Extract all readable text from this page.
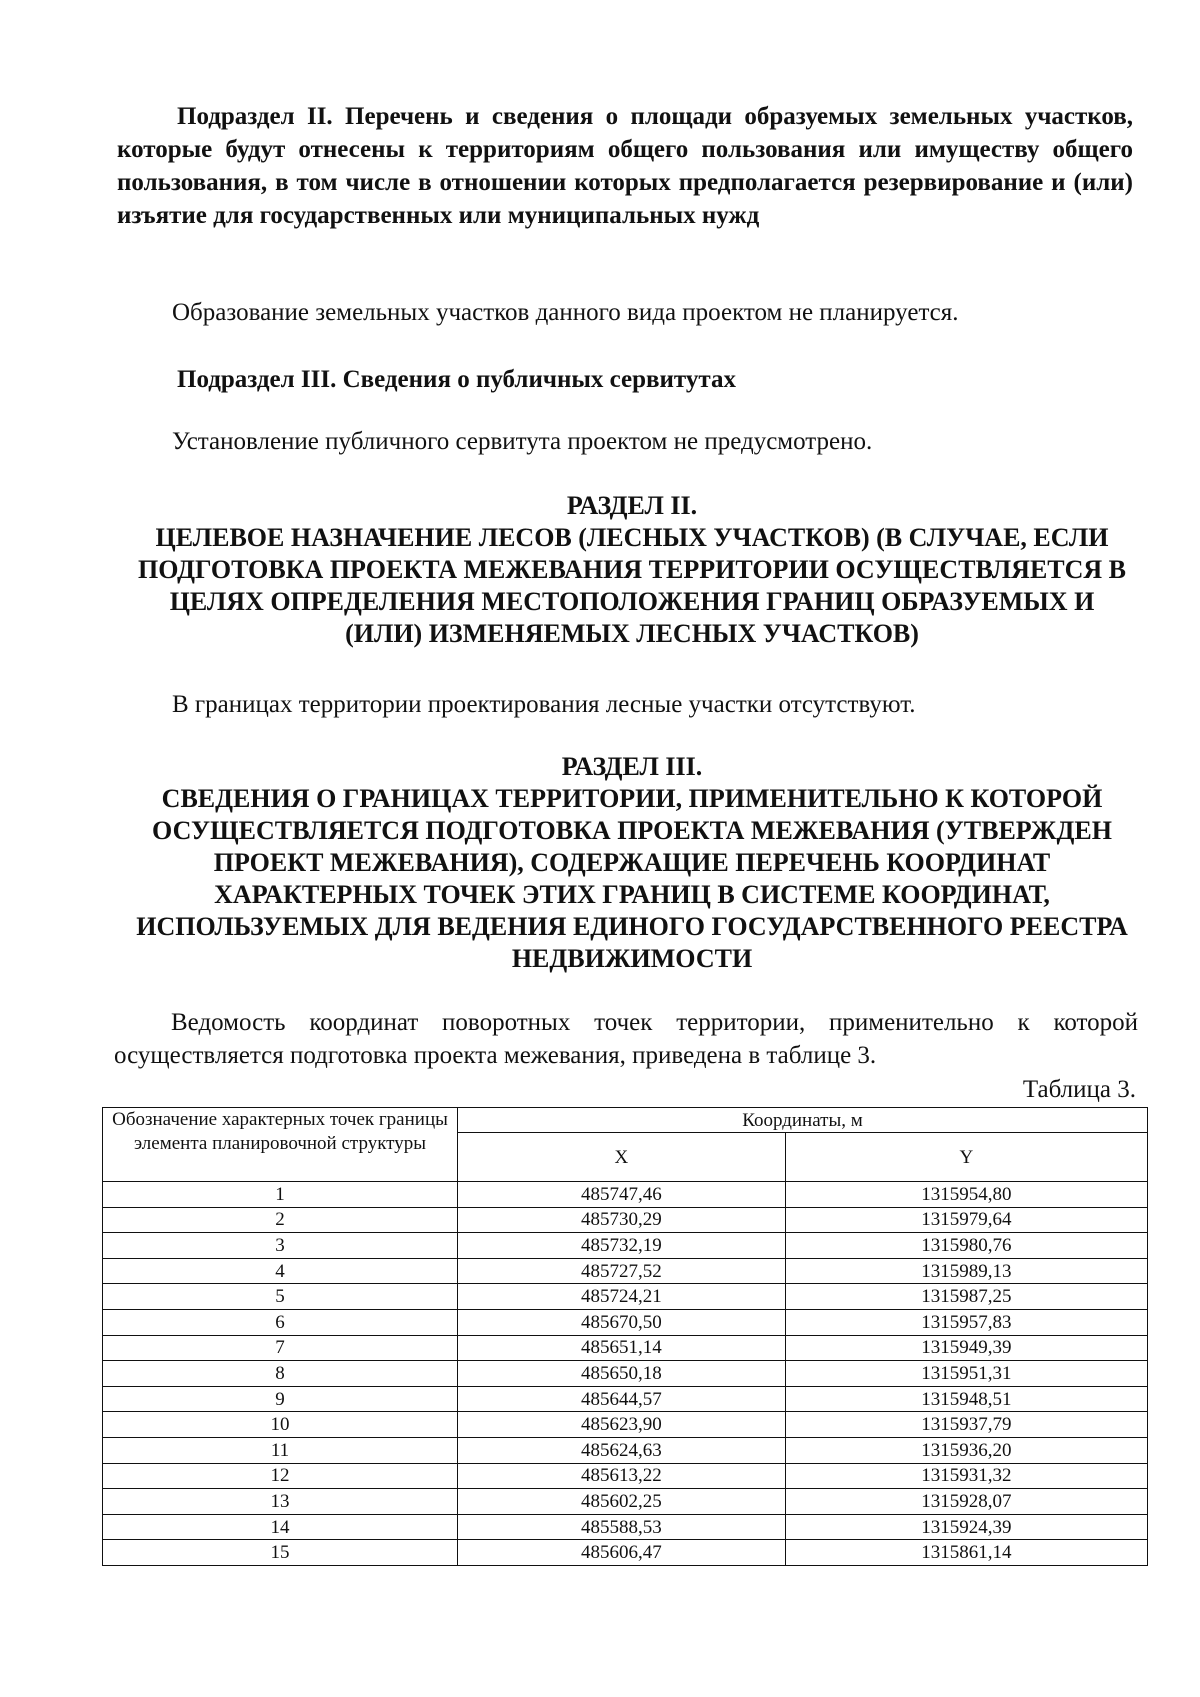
Подраздел II. Перечень и сведения о площади образуемых земельных участков, которые будут отнесены к территориям общего пользования или имуществу общего пользования, в том числе в отношении которых предполагается резервирование и (или) изъятие для государственных или муниципальных нужд
Образование земельных участков данного вида проектом не планируется.
Подраздел III. Сведения о публичных сервитутах
Установление публичного сервитута проектом не предусмотрено.
РАЗДЕЛ II.
ЦЕЛЕВОЕ НАЗНАЧЕНИЕ ЛЕСОВ (ЛЕСНЫХ УЧАСТКОВ) (В СЛУЧАЕ, ЕСЛИ ПОДГОТОВКА ПРОЕКТА МЕЖЕВАНИЯ ТЕРРИТОРИИ ОСУЩЕСТВЛЯЕТСЯ В ЦЕЛЯХ ОПРЕДЕЛЕНИЯ МЕСТОПОЛОЖЕНИЯ ГРАНИЦ ОБРАЗУЕМЫХ И (ИЛИ) ИЗМЕНЯЕМЫХ ЛЕСНЫХ УЧАСТКОВ)
В границах территории проектирования лесные участки отсутствуют.
РАЗДЕЛ III.
СВЕДЕНИЯ О ГРАНИЦАХ ТЕРРИТОРИИ, ПРИМЕНИТЕЛЬНО К КОТОРОЙ ОСУЩЕСТВЛЯЕТСЯ ПОДГОТОВКА ПРОЕКТА МЕЖЕВАНИЯ (УТВЕРЖДЕН ПРОЕКТ МЕЖЕВАНИЯ), СОДЕРЖАЩИЕ ПЕРЕЧЕНЬ КООРДИНАТ ХАРАКТЕРНЫХ ТОЧЕК ЭТИХ ГРАНИЦ В СИСТЕМЕ КООРДИНАТ, ИСПОЛЬЗУЕМЫХ ДЛЯ ВЕДЕНИЯ ЕДИНОГО ГОСУДАРСТВЕННОГО РЕЕСТРА НЕДВИЖИМОСТИ
Ведомость координат поворотных точек территории, применительно к которой осуществляется подготовка проекта межевания, приведена в таблице 3.
Таблица 3.
Обозначение характерных точек границы элемента планировочной структуры	Координаты, м	
	X	Y
1	485747,46	1315954,80
2	485730,29	1315979,64
3	485732,19	1315980,76
4	485727,52	1315989,13
5	485724,21	1315987,25
6	485670,50	1315957,83
7	485651,14	1315949,39
8	485650,18	1315951,31
9	485644,57	1315948,51
10	485623,90	1315937,79
11	485624,63	1315936,20
12	485613,22	1315931,32
13	485602,25	1315928,07
14	485588,53	1315924,39
15	485606,47	1315861,14
